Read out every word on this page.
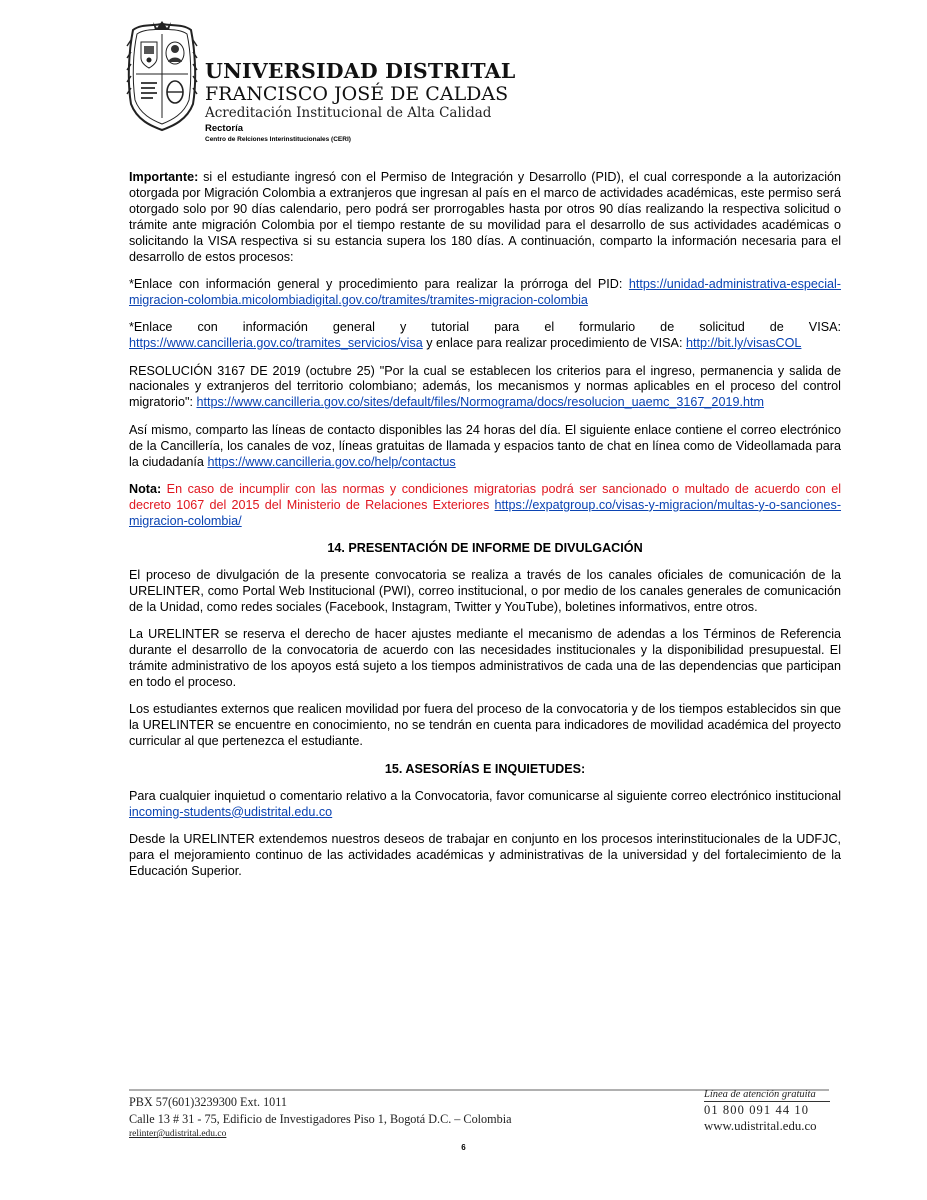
UNIVERSIDAD DISTRITAL
FRANCISCO JOSÉ DE CALDAS
Acreditación Institucional de Alta Calidad
Rectoría
Centro de Relciones Interinstitucionales (CERI)

Importante: si el estudiante ingresó con el Permiso de Integración y Desarrollo (PID), el cual corresponde a la autorización otorgada por Migración Colombia a extranjeros que ingresan al país en el marco de actividades académicas, este permiso será otorgado solo por 90 días calendario, pero podrá ser prorrogables hasta por otros 90 días realizando la respectiva solicitud o trámite ante migración Colombia por el tiempo restante de su movilidad para el desarrollo de sus actividades académicas o solicitando la VISA respectiva si su estancia supera los 180 días. A continuación, comparto la información necesaria para el desarrollo de estos procesos:

*Enlace con información general y procedimiento para realizar la prórroga del PID: https://unidad-administrativa-especial-migracion-colombia.micolombiadigital.gov.co/tramites/tramites-migracion-colombia

*Enlace con información general y tutorial para el formulario de solicitud de VISA: https://www.cancilleria.gov.co/tramites_servicios/visa y enlace para realizar procedimiento de VISA: http://bit.ly/visasCOL

RESOLUCIÓN 3167 DE 2019 (octubre 25) "Por la cual se establecen los criterios para el ingreso, permanencia y salida de nacionales y extranjeros del territorio colombiano; además, los mecanismos y normas aplicables en el proceso del control migratorio": https://www.cancilleria.gov.co/sites/default/files/Normograma/docs/resolucion_uaemc_3167_2019.htm

Así mismo, comparto las líneas de contacto disponibles las 24 horas del día. El siguiente enlace contiene el correo electrónico de la Cancillería, los canales de voz, líneas gratuitas de llamada y espacios tanto de chat en línea como de Videollamada para la ciudadanía https://www.cancilleria.gov.co/help/contactus

Nota: En caso de incumplir con las normas y condiciones migratorias podrá ser sancionado o multado de acuerdo con el decreto 1067 del 2015 del Ministerio de Relaciones Exteriores https://expatgroup.co/visas-y-migracion/multas-y-o-sanciones-migracion-colombia/

14. PRESENTACIÓN DE INFORME DE DIVULGACIÓN

El proceso de divulgación de la presente convocatoria se realiza a través de los canales oficiales de comunicación de la URELINTER, como Portal Web Institucional (PWI), correo institucional, o por medio de los canales generales de comunicación de la Unidad, como redes sociales (Facebook, Instagram, Twitter y YouTube), boletines informativos, entre otros.

La URELINTER se reserva el derecho de hacer ajustes mediante el mecanismo de adendas a los Términos de Referencia durante el desarrollo de la convocatoria de acuerdo con las necesidades institucionales y la disponibilidad presupuestal. El trámite administrativo de los apoyos está sujeto a los tiempos administrativos de cada una de las dependencias que participan en todo el proceso.

Los estudiantes externos que realicen movilidad por fuera del proceso de la convocatoria y de los tiempos establecidos sin que la URELINTER se encuentre en conocimiento, no se tendrán en cuenta para indicadores de movilidad académica del proyecto curricular al que pertenezca el estudiante.

15. ASESORÍAS E INQUIETUDES:

Para cualquier inquietud o comentario relativo a la Convocatoria, favor comunicarse al siguiente correo electrónico institucional incoming-students@udistrital.edu.co

Desde la URELINTER extendemos nuestros deseos de trabajar en conjunto en los procesos interinstitucionales de la UDFJC, para el mejoramiento continuo de las actividades académicas y administrativas de la universidad y del fortalecimiento de la Educación Superior.

PBX 57(601)3239300 Ext. 1011
Calle 13 # 31 - 75, Edificio de Investigadores Piso 1, Bogotá D.C. – Colombia
relinter@udistrital.edu.co
Línea de atención gratuita
01 800 091 44 10
www.udistrital.edu.co
6
